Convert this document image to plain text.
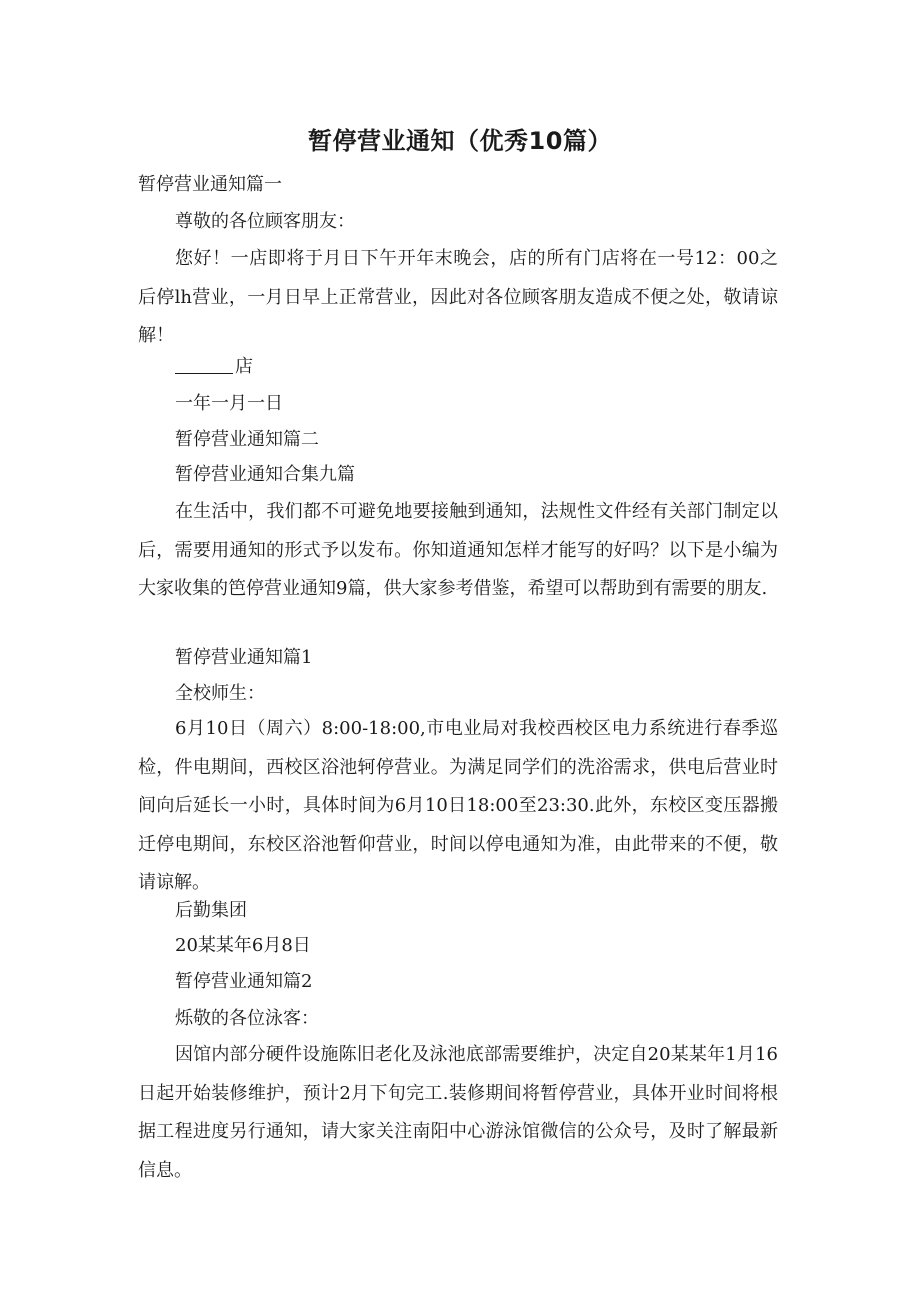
暂停营业通知（优秀10篇）
暂停营业通知篇一
尊敬的各位顾客朋友：
您好！一店即将于月日下午开年末晚会，店的所有门店将在一号12：00之后停lh营业，一月日早上正常营业，因此对各位顾客朋友造成不便之处，敬请谅解！
店
一年一月一日
暂停营业通知篇二
暂停营业通知合集九篇
在生活中，我们都不可避免地要接触到通知，法规性文件经有关部门制定以后，需要用通知的形式予以发布。你知道通知怎样才能写的好吗？以下是小编为大家收集的笆停营业通知9篇，供大家参考借鉴，希望可以帮助到有需要的朋友.
暂停营业通知篇1
全校师生：
6月10日（周六）8:00-18:00,市电业局对我校西校区电力系统进行春季巡检，件电期间，西校区浴池轲停营业。为满足同学们的洗浴需求，供电后营业时间向后延长一小时，具体时间为6月10日18:00至23:30.此外，东校区变压器搬迁停电期间，东校区浴池暂仰营业，时间以停电通知为准，由此带来的不便，敬请谅解。
后勤集团
20某某年6月8日
暂停营业通知篇2
烁敬的各位泳客：
因馆内部分硬件设施陈旧老化及泳池底部需要维护，决定自20某某年1月16日起开始装修维护，预计2月下旬完工.装修期间将暂停营业，具体开业时间将根据工程进度另行通知，请大家关注南阳中心游泳馆微信的公众号，及时了解最新信息。
